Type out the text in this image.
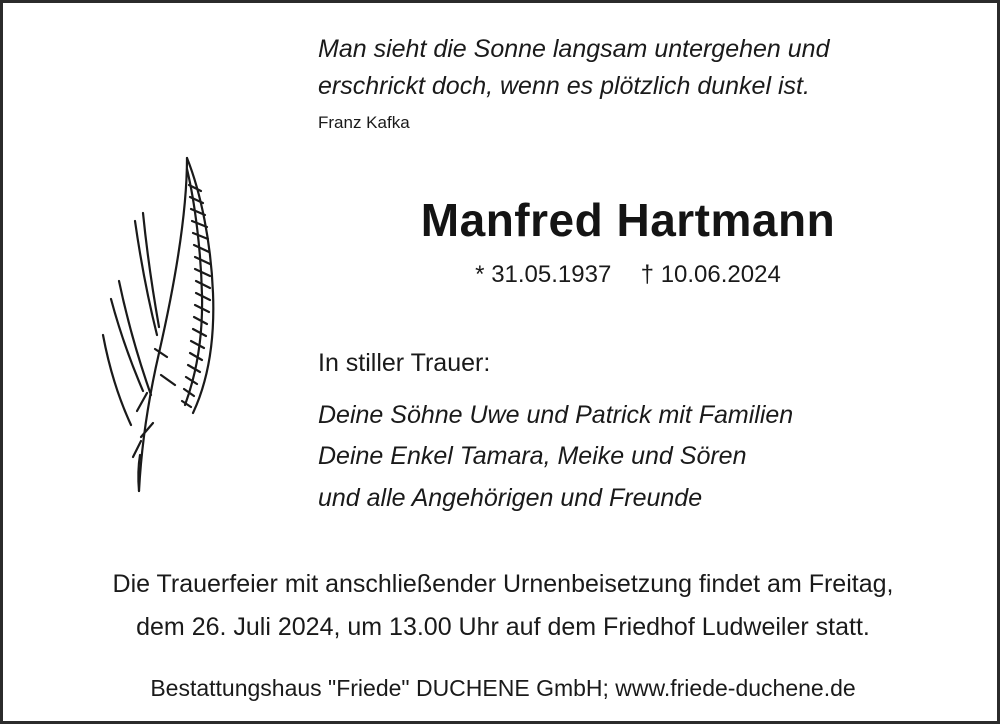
Man sieht die Sonne langsam untergehen und
erschrickt doch, wenn es plötzlich dunkel ist.
Franz Kafka
Manfred Hartmann
* 31.05.1937 † 10.06.2024
In stiller Trauer:
Deine Söhne Uwe und Patrick mit Familien
Deine Enkel Tamara, Meike und Sören
und alle Angehörigen und Freunde
Die Trauerfeier mit anschließender Urnenbeisetzung findet am Freitag,
dem 26. Juli 2024, um 13.00 Uhr auf dem Friedhof Ludweiler statt.
Bestattungshaus "Friede" DUCHENE GmbH; www.friede-duchene.de
